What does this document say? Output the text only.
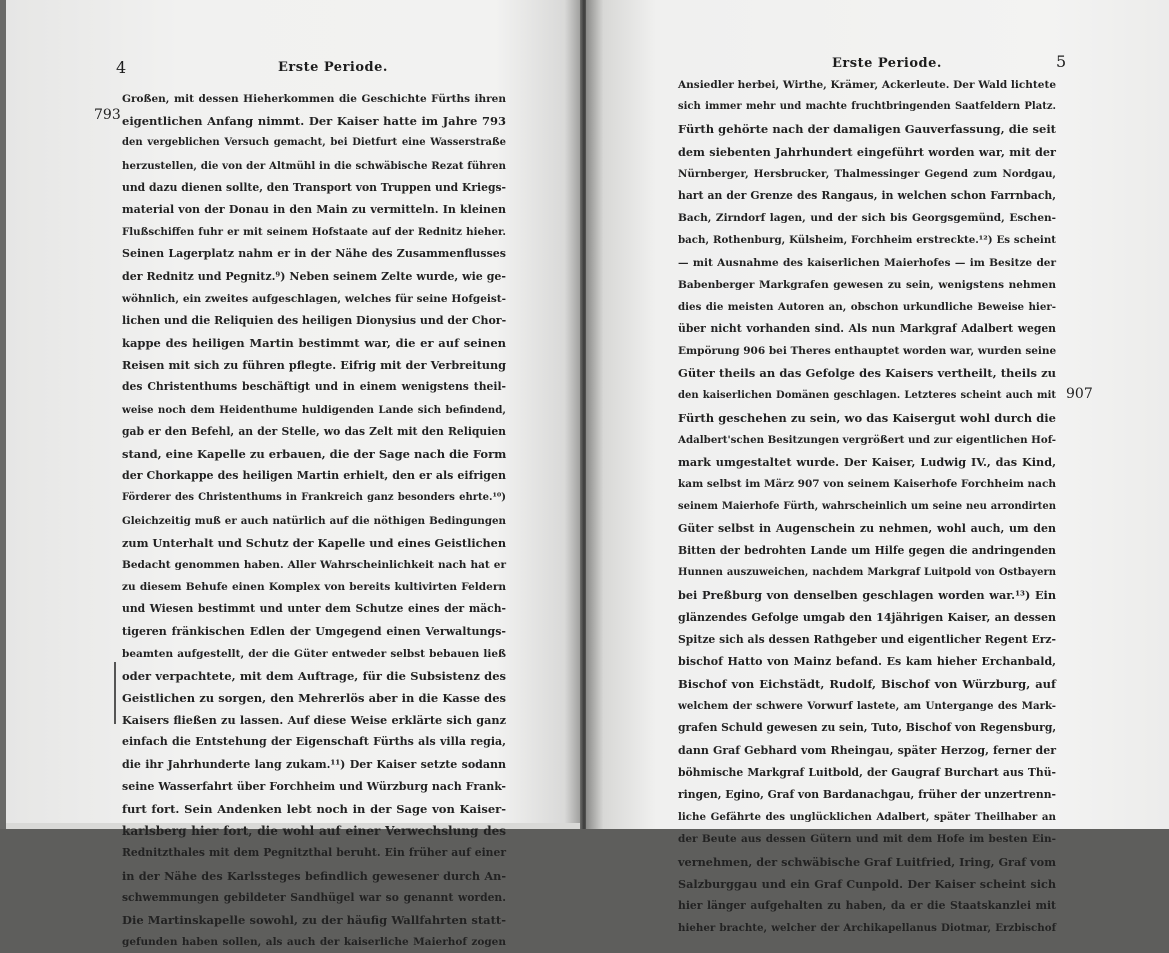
4	Erste Periode.
793
Großen, mit dessen Hieherkommen die Geschichte Fürths ihren
eigentlichen Anfang nimmt. Der Kaiser hatte im Jahre 793
den vergeblichen Versuch gemacht, bei Dietfurt eine Wasserstraße
herzustellen, die von der Altmühl in die schwäbische Rezat führen
und dazu dienen sollte, den Transport von Truppen und Kriegs-
material von der Donau in den Main zu vermitteln. In kleinen
Flußschiffen fuhr er mit seinem Hofstaate auf der Rednitz hieher.
Seinen Lagerplatz nahm er in der Nähe des Zusammenflusses
der Rednitz und Pegnitz.⁹) Neben seinem Zelte wurde, wie ge-
wöhnlich, ein zweites aufgeschlagen, welches für seine Hofgeist-
lichen und die Reliquien des heiligen Dionysius und der Chor-
kappe des heiligen Martin bestimmt war, die er auf seinen
Reisen mit sich zu führen pflegte. Eifrig mit der Verbreitung
des Christenthums beschäftigt und in einem wenigstens theil-
weise noch dem Heidenthume huldigenden Lande sich befindend,
gab er den Befehl, an der Stelle, wo das Zelt mit den Reliquien
stand, eine Kapelle zu erbauen, die der Sage nach die Form
der Chorkappe des heiligen Martin erhielt, den er als eifrigen
Förderer des Christenthums in Frankreich ganz besonders ehrte.¹⁰)
Gleichzeitig muß er auch natürlich auf die nöthigen Bedingungen
zum Unterhalt und Schutz der Kapelle und eines Geistlichen
Bedacht genommen haben. Aller Wahrscheinlichkeit nach hat er
zu diesem Behufe einen Komplex von bereits kultivirten Feldern
und Wiesen bestimmt und unter dem Schutze eines der mäch-
tigeren fränkischen Edlen der Umgegend einen Verwaltungs-
beamten aufgestellt, der die Güter entweder selbst bebauen ließ
oder verpachtete, mit dem Auftrage, für die Subsistenz des
Geistlichen zu sorgen, den Mehrerlös aber in die Kasse des
Kaisers fließen zu lassen. Auf diese Weise erklärte sich ganz
einfach die Entstehung der Eigenschaft Fürths als villa regia,
die ihr Jahrhunderte lang zukam.¹¹) Der Kaiser setzte sodann
seine Wasserfahrt über Forchheim und Würzburg nach Frank-
furt fort. Sein Andenken lebt noch in der Sage von Kaiser-
karlsberg hier fort, die wohl auf einer Verwechslung des
Rednitzthales mit dem Pegnitzthal beruht. Ein früher auf einer
in der Nähe des Karlssteges befindlich gewesener durch An-
schwemmungen gebildeter Sandhügel war so genannt worden.
Die Martinskapelle sowohl, zu der häufig Wallfahrten statt-
gefunden haben sollen, als auch der kaiserliche Maierhof zogen
5
Erste Periode.
907
Ansiedler herbei, Wirthe, Krämer, Ackerleute. Der Wald lichtete
sich immer mehr und machte fruchtbringenden Saatfeldern Platz.
Fürth gehörte nach der damaligen Gauverfassung, die seit
dem siebenten Jahrhundert eingeführt worden war, mit der
Nürnberger, Hersbrucker, Thalmessinger Gegend zum Nordgau,
hart an der Grenze des Rangaus, in welchen schon Farrnbach,
Bach, Zirndorf lagen, und der sich bis Georgsgemünd, Eschen-
bach, Rothenburg, Külsheim, Forchheim erstreckte.¹²) Es scheint
— mit Ausnahme des kaiserlichen Maierhofes — im Besitze der
Babenberger Markgrafen gewesen zu sein, wenigstens nehmen
dies die meisten Autoren an, obschon urkundliche Beweise hier-
über nicht vorhanden sind. Als nun Markgraf Adalbert wegen
Empörung 906 bei Theres enthauptet worden war, wurden seine
Güter theils an das Gefolge des Kaisers vertheilt, theils zu
den kaiserlichen Domänen geschlagen. Letzteres scheint auch mit
Fürth geschehen zu sein, wo das Kaisergut wohl durch die
Adalbert'schen Besitzungen vergrößert und zur eigentlichen Hof-
mark umgestaltet wurde. Der Kaiser, Ludwig IV., das Kind,
kam selbst im März 907 von seinem Kaiserhofe Forchheim nach
seinem Maierhofe Fürth, wahrscheinlich um seine neu arrondirten
Güter selbst in Augenschein zu nehmen, wohl auch, um den
Bitten der bedrohten Lande um Hilfe gegen die andringenden
Hunnen auszuweichen, nachdem Markgraf Luitpold von Ostbayern
bei Preßburg von denselben geschlagen worden war.¹³) Ein
glänzendes Gefolge umgab den 14jährigen Kaiser, an dessen
Spitze sich als dessen Rathgeber und eigentlicher Regent Erz-
bischof Hatto von Mainz befand. Es kam hieher Erchanbald,
Bischof von Eichstädt, Rudolf, Bischof von Würzburg, auf
welchem der schwere Vorwurf lastete, am Untergange des Mark-
grafen Schuld gewesen zu sein, Tuto, Bischof von Regensburg,
dann Graf Gebhard vom Rheingau, später Herzog, ferner der
böhmische Markgraf Luitbold, der Gaugraf Burchart aus Thü-
ringen, Egino, Graf von Bardanachgau, früher der unzertrenn-
liche Gefährte des unglücklichen Adalbert, später Theilhaber an
der Beute aus dessen Gütern und mit dem Hofe im besten Ein-
vernehmen, der schwäbische Graf Luitfried, Iring, Graf vom
Salzburggau und ein Graf Cunpold. Der Kaiser scheint sich
hier länger aufgehalten zu haben, da er die Staatskanzlei mit
hieher brachte, welcher der Archikapellanus Diotmar, Erzbischof
